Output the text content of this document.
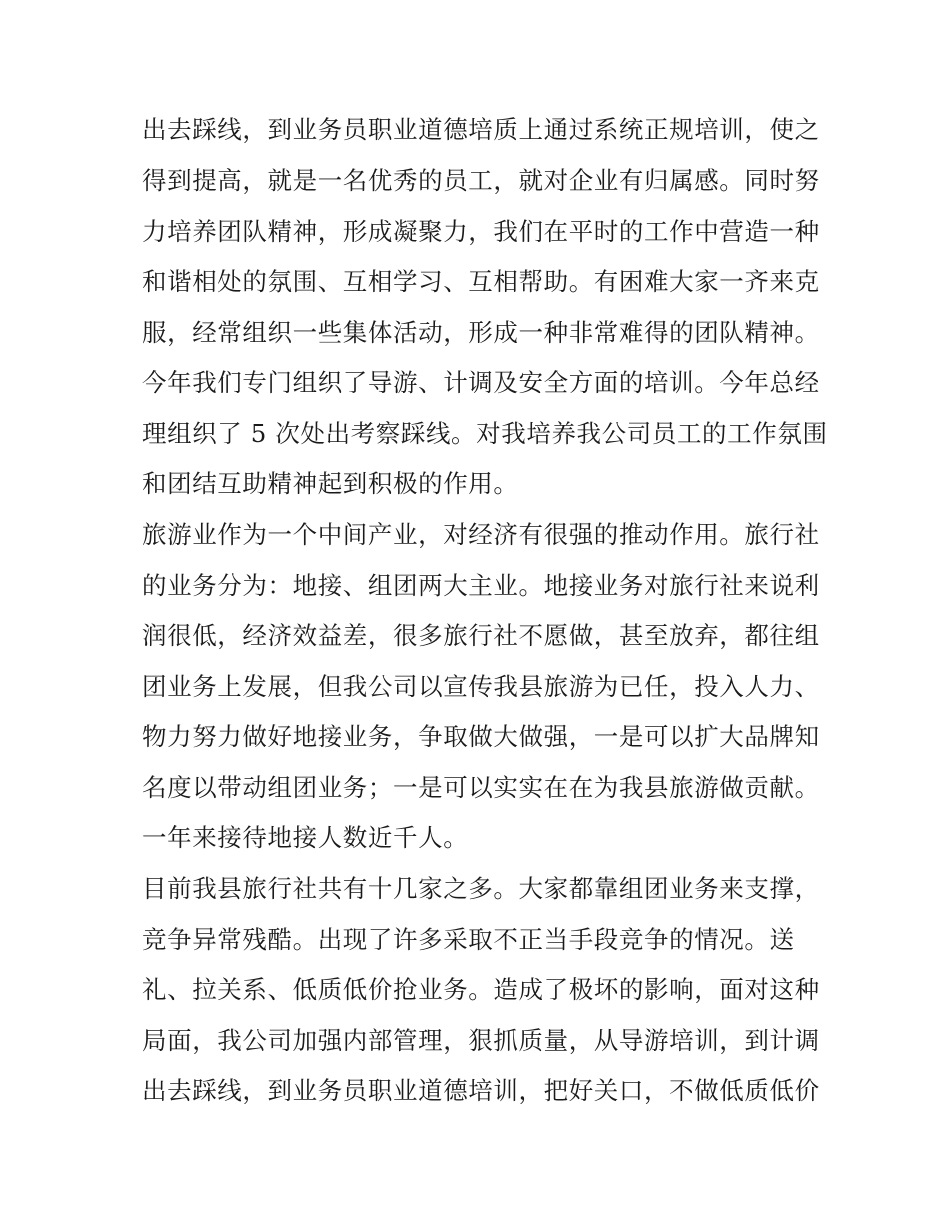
出去踩线，到业务员职业道德培质上通过系统正规培训，使之
得到提高，就是一名优秀的员工，就对企业有归属感。同时努
力培养团队精神，形成凝聚力，我们在平时的工作中营造一种
和谐相处的氛围、互相学习、互相帮助。有困难大家一齐来克
服，经常组织一些集体活动，形成一种非常难得的团队精神。
今年我们专门组织了导游、计调及安全方面的培训。今年总经
理组织了 5 次处出考察踩线。对我培养我公司员工的工作氛围
和团结互助精神起到积极的作用。
旅游业作为一个中间产业，对经济有很强的推动作用。旅行社
的业务分为：地接、组团两大主业。地接业务对旅行社来说利
润很低，经济效益差，很多旅行社不愿做，甚至放弃，都往组
团业务上发展，但我公司以宣传我县旅游为已任，投入人力、
物力努力做好地接业务，争取做大做强，一是可以扩大品牌知
名度以带动组团业务；一是可以实实在在为我县旅游做贡献。
一年来接待地接人数近千人。
目前我县旅行社共有十几家之多。大家都靠组团业务来支撑，
竞争异常残酷。出现了许多采取不正当手段竞争的情况。送
礼、拉关系、低质低价抢业务。造成了极坏的影响，面对这种
局面，我公司加强内部管理，狠抓质量，从导游培训，到计调
出去踩线，到业务员职业道德培训，把好关口，不做低质低价
